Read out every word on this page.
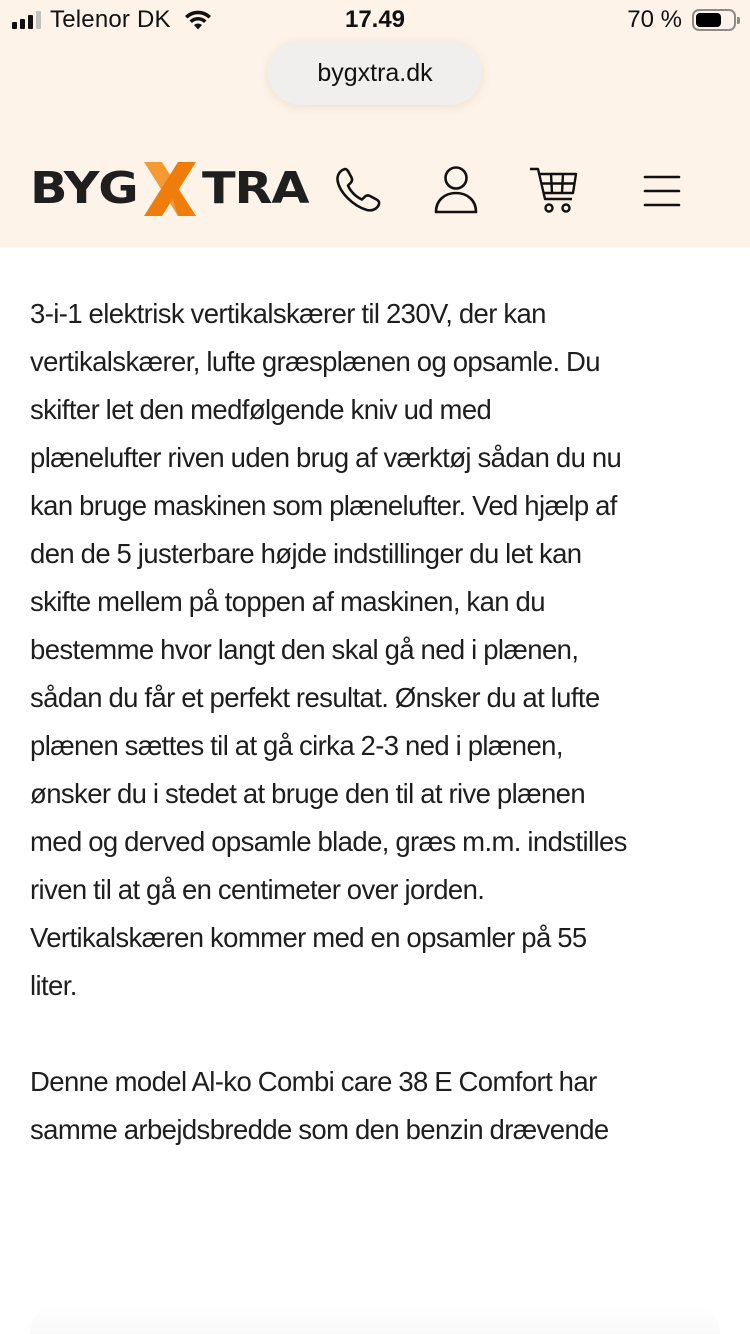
Telenor DK	17.49	70 %
bygxtra.dk
BYG TRA

3-i-1 elektrisk vertikalskærer til 230V, der kan
vertikalskærer, lufte græsplænen og opsamle. Du
skifter let den medfølgende kniv ud med
plænelufter riven uden brug af værktøj sådan du nu
kan bruge maskinen som plænelufter. Ved hjælp af
den de 5 justerbare højde indstillinger du let kan
skifte mellem på toppen af maskinen, kan du
bestemme hvor langt den skal gå ned i plænen,
sådan du får et perfekt resultat. Ønsker du at lufte
plænen sættes til at gå cirka 2-3 ned i plænen,
ønsker du i stedet at bruge den til at rive plænen
med og derved opsamle blade, græs m.m. indstilles
riven til at gå en centimeter over jorden.
Vertikalskæren kommer med en opsamler på 55
liter.

Denne model Al-ko Combi care 38 E Comfort har
samme arbejdsbredde som den benzin drævende
